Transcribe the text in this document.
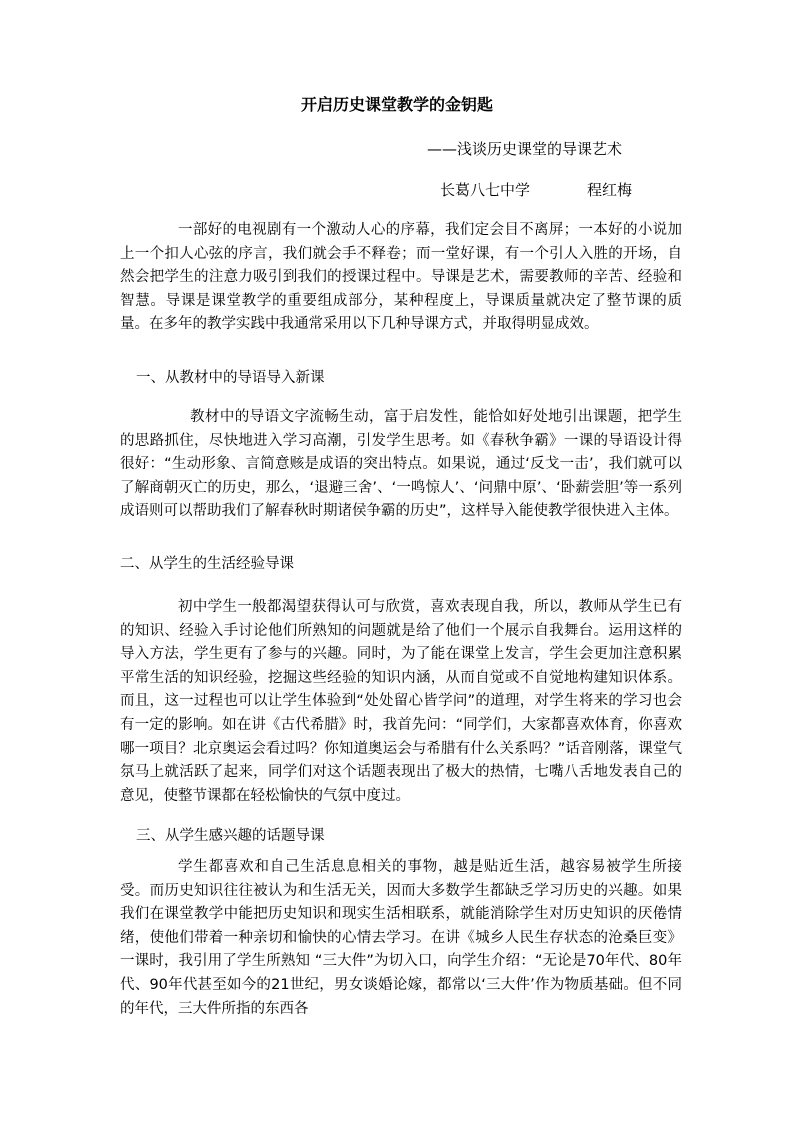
开启历史课堂教学的金钥匙

——浅谈历史课堂的导课艺术

长葛八七中学	程红梅

一部好的电视剧有一个激动人心的序幕，我们定会目不离屏；一本好的小说加上一个扣人心弦的序言，我们就会手不释卷；而一堂好课，有一个引人入胜的开场，自然会把学生的注意力吸引到我们的授课过程中。导课是艺术，需要教师的辛苦、经验和智慧。导课是课堂教学的重要组成部分，某种程度上，导课质量就决定了整节课的质量。在多年的教学实践中我通常采用以下几种导课方式，并取得明显成效。

一、从教材中的导语导入新课

教材中的导语文字流畅生动，富于启发性，能恰如好处地引出课题，把学生的思路抓住，尽快地进入学习高潮，引发学生思考。如《春秋争霸》一课的导语设计得很好：“生动形象、言简意赅是成语的突出特点。如果说，通过‘反戈一击’，我们就可以了解商朝灭亡的历史，那么，‘退避三舍’、‘一鸣惊人’、‘问鼎中原’、‘卧薪尝胆’等一系列成语则可以帮助我们了解春秋时期诸侯争霸的历史”，这样导入能使教学很快进入主体。

二、从学生的生活经验导课

初中学生一般都渴望获得认可与欣赏，喜欢表现自我，所以，教师从学生已有的知识、经验入手讨论他们所熟知的问题就是给了他们一个展示自我舞台。运用这样的导入方法，学生更有了参与的兴趣。同时，为了能在课堂上发言，学生会更加注意积累平常生活的知识经验，挖掘这些经验的知识内涵，从而自觉或不自觉地构建知识体系。而且，这一过程也可以让学生体验到“处处留心皆学问”的道理，对学生将来的学习也会有一定的影响。如在讲《古代希腊》时，我首先问：“同学们，大家都喜欢体育，你喜欢哪一项目？北京奥运会看过吗？你知道奥运会与希腊有什么关系吗？”话音刚落，课堂气氛马上就活跃了起来，同学们对这个话题表现出了极大的热情，七嘴八舌地发表自己的意见，使整节课都在轻松愉快的气氛中度过。

三、从学生感兴趣的话题导课

学生都喜欢和自己生活息息相关的事物，越是贴近生活，越容易被学生所接受。而历史知识往往被认为和生活无关，因而大多数学生都缺乏学习历史的兴趣。如果我们在课堂教学中能把历史知识和现实生活相联系，就能消除学生对历史知识的厌倦情绪，使他们带着一种亲切和愉快的心情去学习。在讲《城乡人民生存状态的沧桑巨变》一课时，我引用了学生所熟知 “三大件”为切入口，向学生介绍：“无论是70年代、80年代、90年代甚至如今的21世纪，男女谈婚论嫁，都常以‘三大件’作为物质基础。但不同的年代，三大件所指的东西各
